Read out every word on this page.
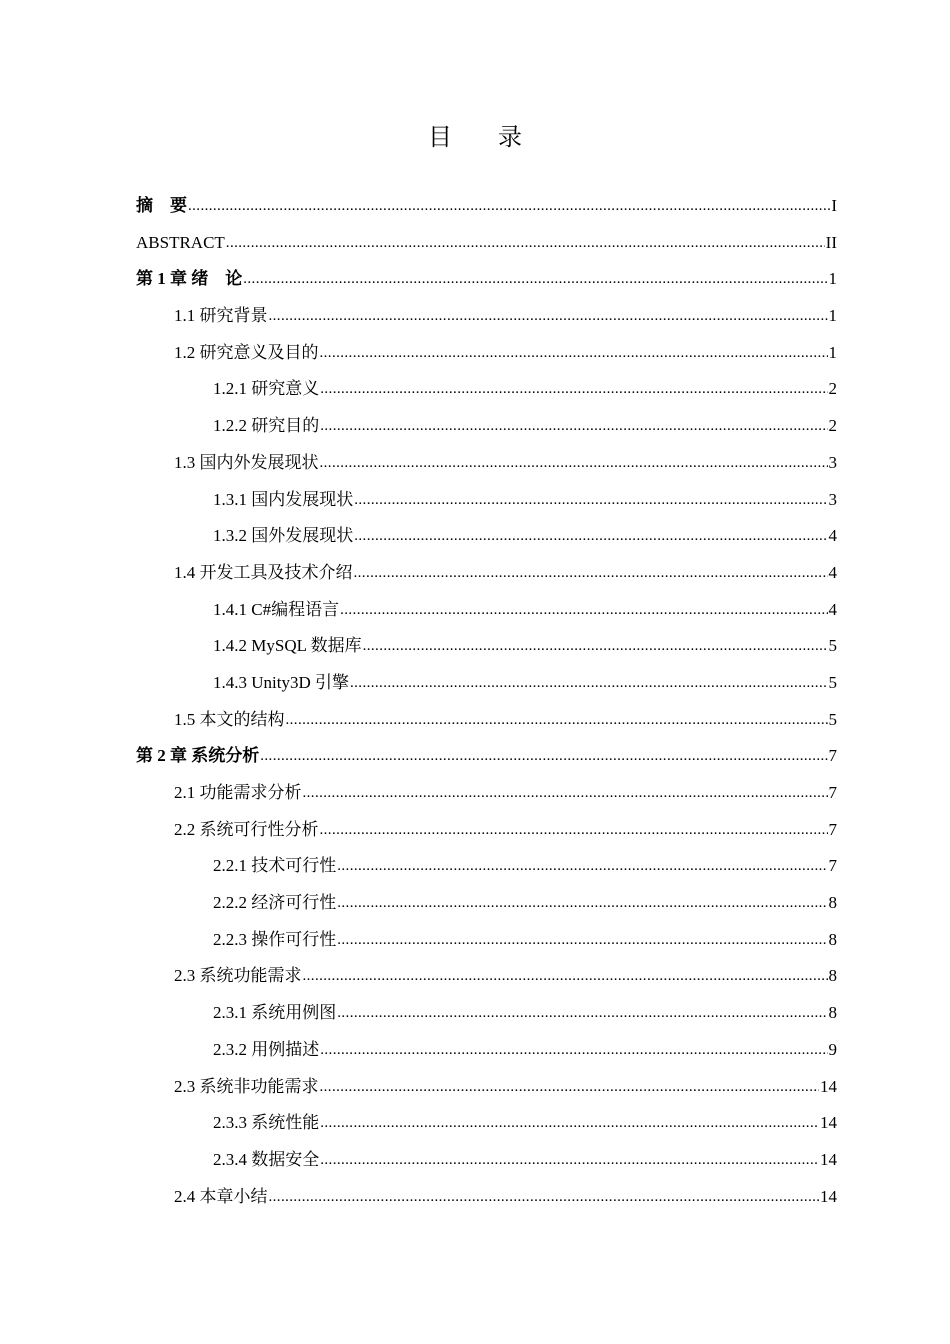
目 录
摘　要 .....	I
ABSTRACT .....	II
第 1 章 绪　论 .....	1
1.1 研究背景 .....	1
1.2 研究意义及目的 .....	1
1.2.1 研究意义 .....	2
1.2.2 研究目的 .....	2
1.3 国内外发展现状 .....	3
1.3.1 国内发展现状 .....	3
1.3.2 国外发展现状 .....	4
1.4 开发工具及技术介绍 .....	4
1.4.1 C#编程语言 .....	4
1.4.2 MySQL 数据库 .....	5
1.4.3 Unity3D 引擎 .....	5
1.5 本文的结构 .....	5
第 2 章 系统分析 .....	7
2.1 功能需求分析 .....	7
2.2 系统可行性分析 .....	7
2.2.1 技术可行性 .....	7
2.2.2 经济可行性 .....	8
2.2.3 操作可行性 .....	8
2.3 系统功能需求 .....	8
2.3.1 系统用例图 .....	8
2.3.2 用例描述 .....	9
2.3 系统非功能需求 .....	14
2.3.3 系统性能 .....	14
2.3.4 数据安全 .....	14
2.4 本章小结 .....	14
